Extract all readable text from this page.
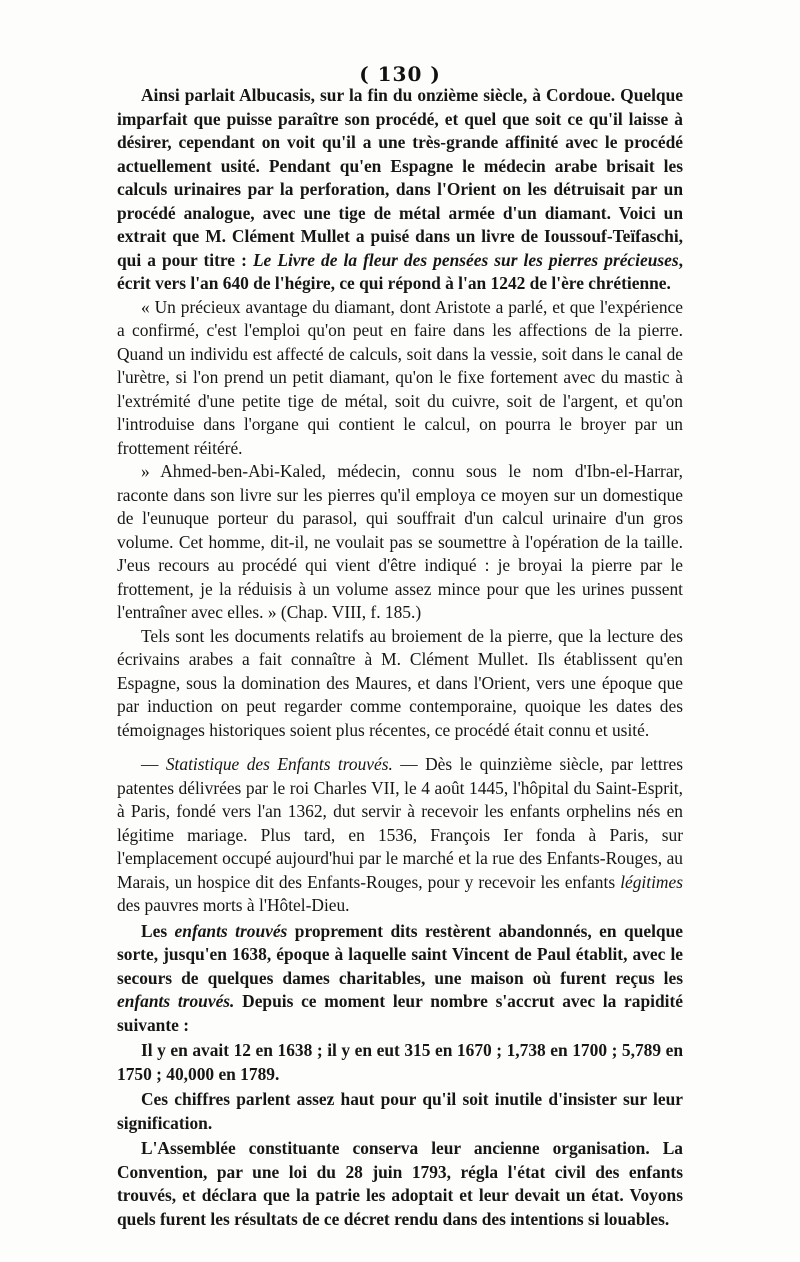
( 130 )

Ainsi parlait Albucasis, sur la fin du onzième siècle, à Cordoue. Quelque imparfait que puisse paraître son procédé, et quel que soit ce qu'il laisse à désirer, cependant on voit qu'il a une très-grande affinité avec le procédé actuellement usité. Pendant qu'en Espagne le médecin arabe brisait les calculs urinaires par la perforation, dans l'Orient on les détruisait par un procédé analogue, avec une tige de métal armée d'un diamant. Voici un extrait que M. Clément Mullet a puisé dans un livre de Ioussouf-Teïfaschi, qui a pour titre : Le Livre de la fleur des pensées sur les pierres précieuses, écrit vers l'an 640 de l'hégire, ce qui répond à l'an 1242 de l'ère chrétienne.

« Un précieux avantage du diamant, dont Aristote a parlé, et que l'expérience a confirmé, c'est l'emploi qu'on peut en faire dans les affections de la pierre. Quand un individu est affecté de calculs, soit dans la vessie, soit dans le canal de l'urètre, si l'on prend un petit diamant, qu'on le fixe fortement avec du mastic à l'extrémité d'une petite tige de métal, soit du cuivre, soit de l'argent, et qu'on l'introduise dans l'organe qui contient le calcul, on pourra le broyer par un frottement réitéré.

» Ahmed-ben-Abi-Kaled, médecin, connu sous le nom d'Ibn-el-Harrar, raconte dans son livre sur les pierres qu'il employa ce moyen sur un domestique de l'eunuque porteur du parasol, qui souffrait d'un calcul urinaire d'un gros volume. Cet homme, dit-il, ne voulait pas se soumettre à l'opération de la taille. J'eus recours au procédé qui vient d'être indiqué : je broyai la pierre par le frottement, je la réduisis à un volume assez mince pour que les urines pussent l'entraîner avec elles. » (Chap. VIII, f. 185.)

Tels sont les documents relatifs au broiement de la pierre, que la lecture des écrivains arabes a fait connaître à M. Clément Mullet. Ils établissent qu'en Espagne, sous la domination des Maures, et dans l'Orient, vers une époque que par induction on peut regarder comme contemporaine, quoique les dates des témoignages historiques soient plus récentes, ce procédé était connu et usité.

— Statistique des Enfants trouvés. — Dès le quinzième siècle, par lettres patentes délivrées par le roi Charles VII, le 4 août 1445, l'hôpital du Saint-Esprit, à Paris, fondé vers l'an 1362, dut servir à recevoir les enfants orphelins nés en légitime mariage. Plus tard, en 1536, François Ier fonda à Paris, sur l'emplacement occupé aujourd'hui par le marché et la rue des Enfants-Rouges, au Marais, un hospice dit des Enfants-Rouges, pour y recevoir les enfants légitimes des pauvres morts à l'Hôtel-Dieu.

Les enfants trouvés proprement dits restèrent abandonnés, en quelque sorte, jusqu'en 1638, époque à laquelle saint Vincent de Paul établit, avec le secours de quelques dames charitables, une maison où furent reçus les enfants trouvés. Depuis ce moment leur nombre s'accrut avec la rapidité suivante :

Il y en avait 12 en 1638 ; il y en eut 315 en 1670 ; 1,738 en 1700 ; 5,789 en 1750 ; 40,000 en 1789.

Ces chiffres parlent assez haut pour qu'il soit inutile d'insister sur leur signification.

L'Assemblée constituante conserva leur ancienne organisation. La Convention, par une loi du 28 juin 1793, régla l'état civil des enfants trouvés, et déclara que la patrie les adoptait et leur devait un état. Voyons quels furent les résultats de ce décret rendu dans des intentions si louables.
